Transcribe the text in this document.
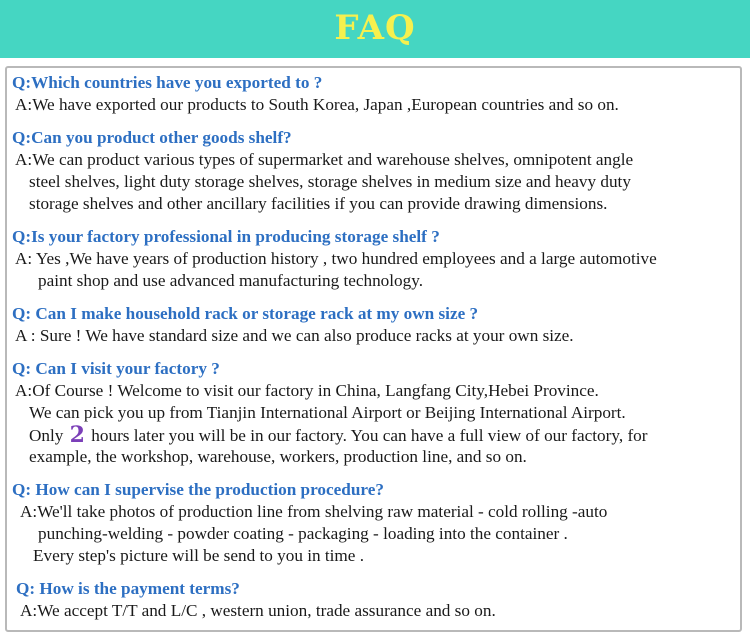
FAQ
Q:Which countries have you exported to ?
A:We have exported our products to South Korea, Japan ,European countries and so on.
Q:Can you product other goods shelf?
A:We can product various types of supermarket and warehouse shelves, omnipotent angle
steel shelves, light duty storage shelves, storage shelves in medium size and heavy duty
storage shelves and other ancillary facilities if you can provide drawing dimensions.
Q:Is your factory professional in producing storage shelf ?
A: Yes ,We have years of production history , two hundred employees and a large automotive
paint shop and use advanced manufacturing technology.
Q: Can I make household rack or storage rack at my own size ?
A : Sure ! We have standard size and we can also produce racks at your own size.
Q: Can I visit your factory ?
A:Of Course ! Welcome to visit our factory in China, Langfang City,Hebei Province.
We can pick you up from Tianjin International Airport or Beijing International Airport.
Only 2 hours later you will be in our factory. You can have a full view of our factory, for
example, the workshop, warehouse, workers, production line, and so on.
Q: How can I supervise the production procedure?
A:We'll take photos of production line from shelving raw material - cold rolling -auto
punching-welding - powder coating - packaging - loading into the container .
Every step's picture will be send to you in time .
Q: How is the payment terms?
A:We accept T/T and L/C , western union, trade assurance and so on.
